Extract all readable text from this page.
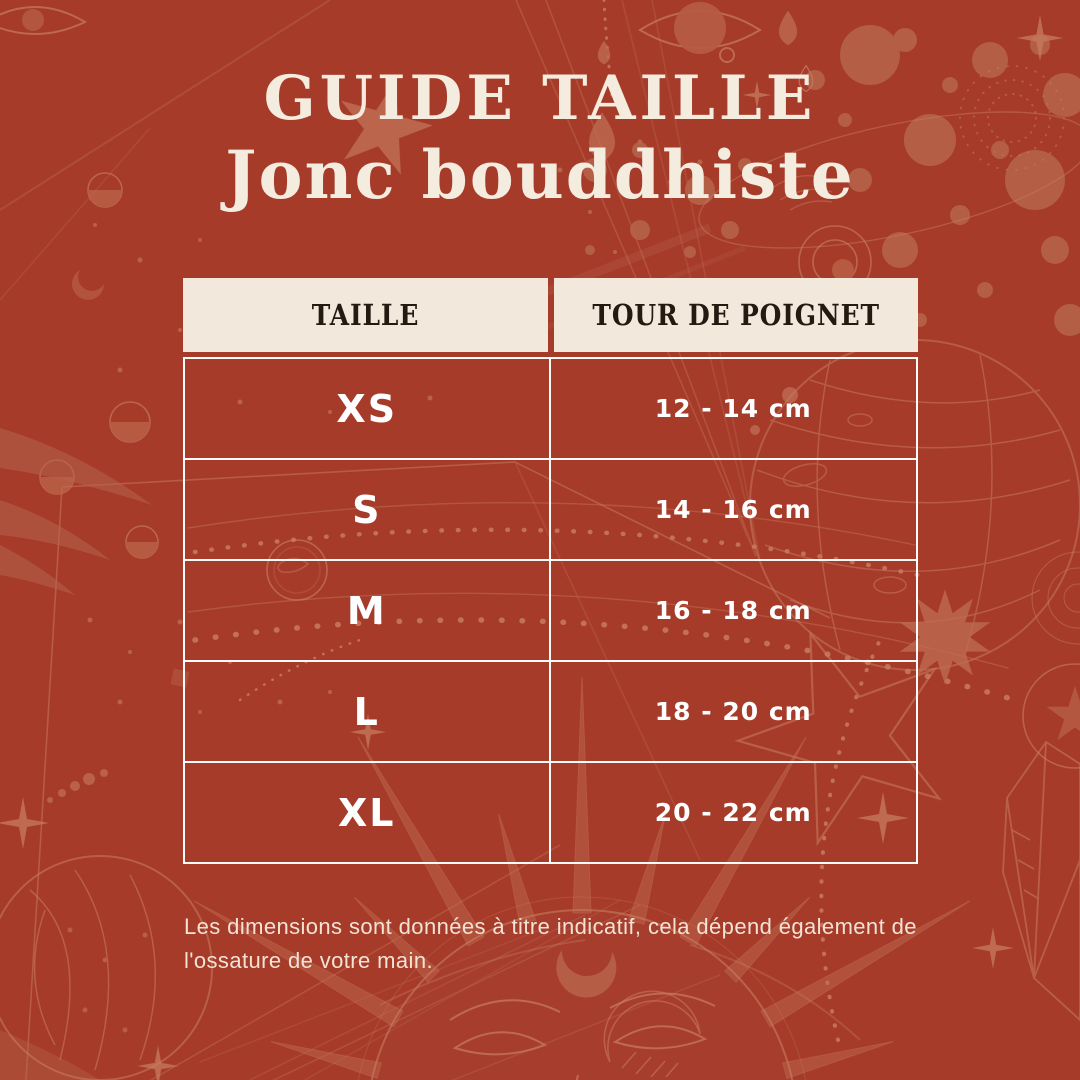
GUIDE TAILLE
Jonc bouddhiste
TAILLE	TOUR DE POIGNET
XS	12 - 14 cm
S	14 - 16 cm
M	16 - 18 cm
L	18 - 20 cm
XL	20 - 22 cm
Les dimensions sont données à titre indicatif, cela dépend également de l'ossature de votre main.
